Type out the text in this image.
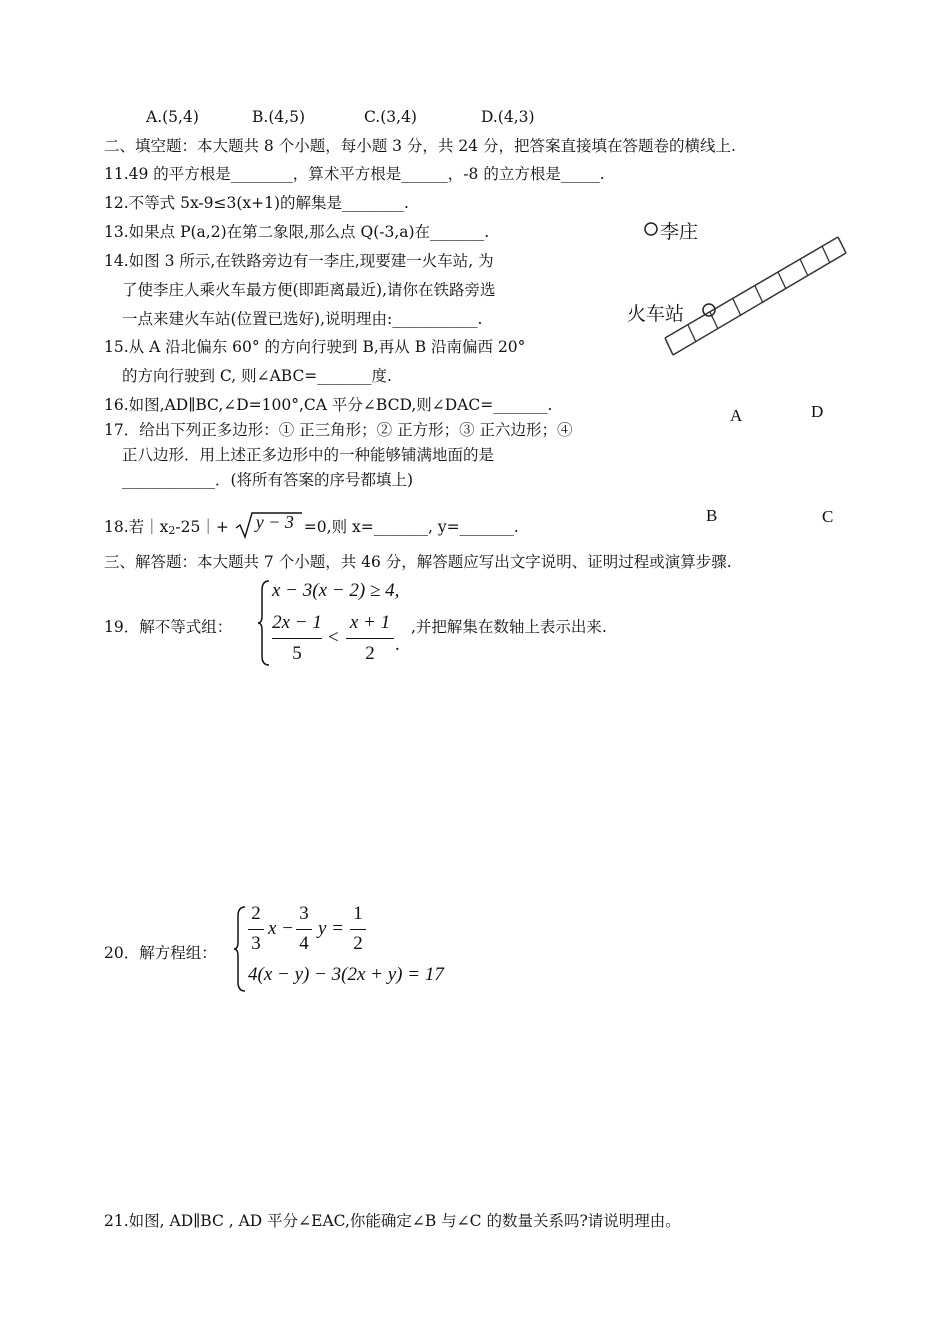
A.(5,4)	B.(4,5)	C.(3,4)	D.(4,3)
二、填空题：本大题共 8 个小题，每小题 3 分，共 24 分，把答案直接填在答题卷的横线上.
11.49 的平方根是________，算术平方根是______，-8 的立方根是_____.
12.不等式 5x-9≤3(x+1)的解集是________.
13.如果点 P(a,2)在第二象限,那么点 Q(-3,a)在_______.
14.如图 3 所示,在铁路旁边有一李庄,现要建一火车站, 为
了使李庄人乘火车最方便(即距离最近),请你在铁路旁选
一点来建火车站(位置已选好),说明理由:___________.
15.从 A 沿北偏东 60° 的方向行驶到 B,再从 B 沿南偏西 20°
的方向行驶到 C, 则∠ABC=_______度.
16.如图,AD∥BC,∠D=100°,CA 平分∠BCD,则∠DAC=_______.
17．给出下列正多边形：① 正三角形；② 正方形；③ 正六边形；④
正八边形．用上述正多边形中的一种能够铺满地面的是
____________．(将所有答案的序号都填上)
18.若$|x_2-25|+ y - 3 =0$,则 x=_______, y=_______.
李庄
火车站
A	D
B	C
三、解答题：本大题共 7 个小题，共 46 分，解答题应写出文字说明、证明过程或演算步骤.
19．解不等式组：
x − 3(x − 2) ≥ 4,
2x − 1
5
<
x + 1
2	.
,并把解集在数轴上表示出来.
20．解方程组：
2
3
x −
3
4
y =
1
2
4(x − y) − 3(2x + y) = 17
21.如图, AD∥BC , AD 平分∠EAC,你能确定∠B 与∠C 的数量关系吗?请说明理由。
